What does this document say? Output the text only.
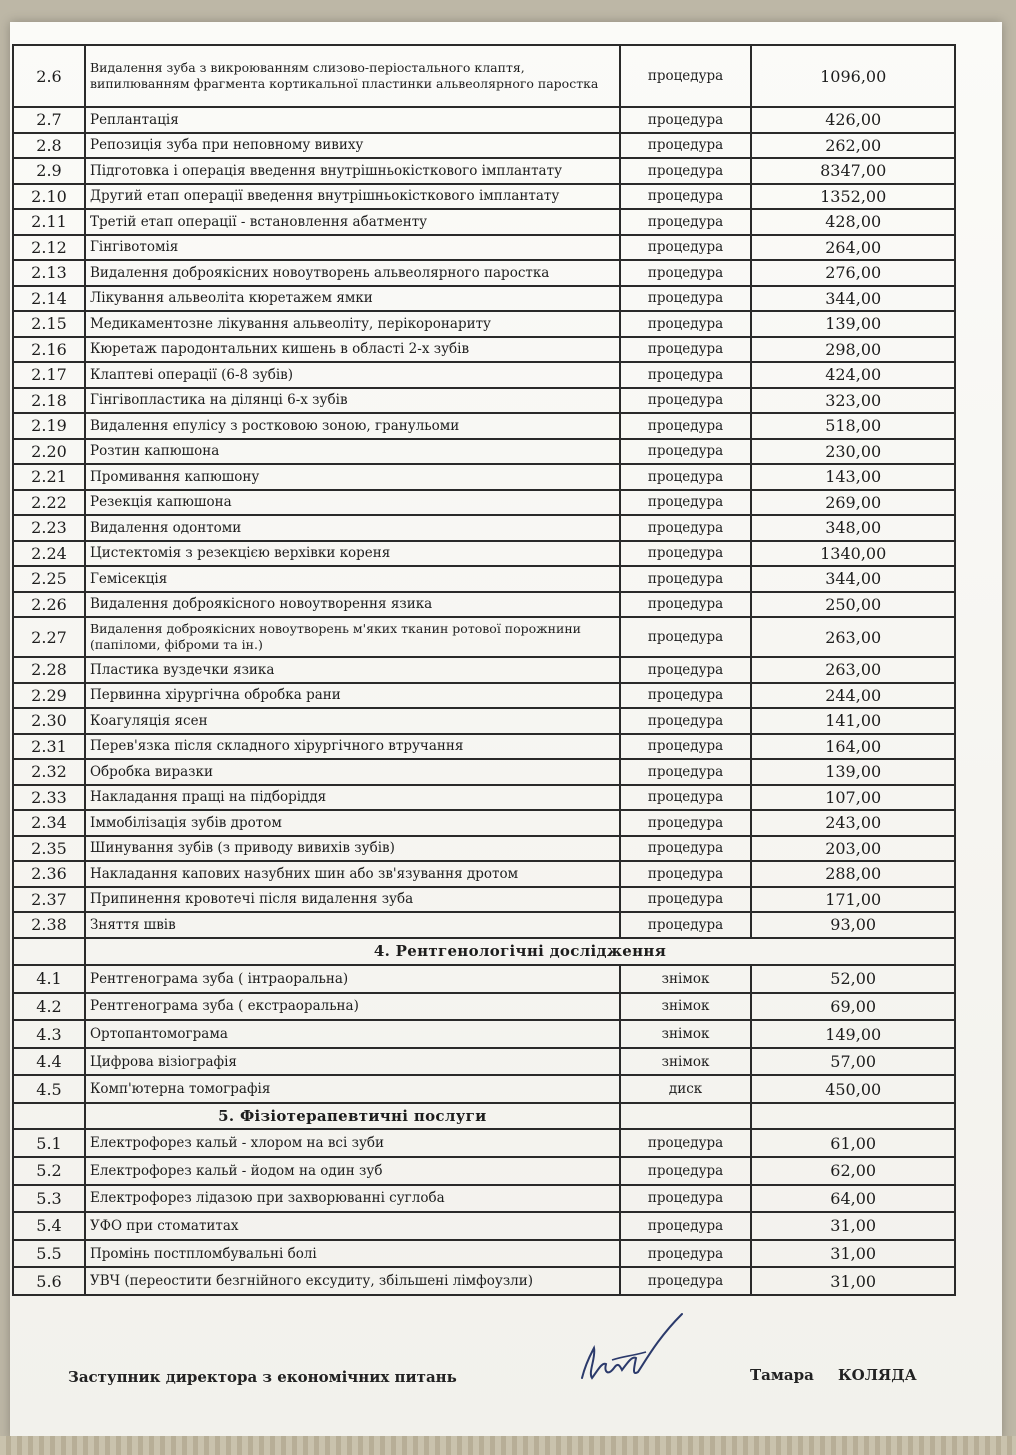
2.6	Видалення зуба з викроюванням слизово-періостального клаптя, випилюванням фрагмента кортикальної пластинки альвеолярного паростка	процедура	1096,00
2.7	Реплантація	процедура	426,00
2.8	Репозиція зуба при неповному вивиху	процедура	262,00
2.9	Підготовка і операція введення внутрішньокісткового імплантату	процедура	8347,00
2.10	Другий етап операції введення внутрішньокісткового імплантату	процедура	1352,00
2.11	Третій етап операції - встановлення абатменту	процедура	428,00
2.12	Гінгівотомія	процедура	264,00
2.13	Видалення доброякісних новоутворень альвеолярного паростка	процедура	276,00
2.14	Лікування альвеоліта кюретажем ямки	процедура	344,00
2.15	Медикаментозне лікування альвеоліту, перікоронариту	процедура	139,00
2.16	Кюретаж пародонтальних кишень в області 2-х зубів	процедура	298,00
2.17	Клаптеві операції (6-8 зубів)	процедура	424,00
2.18	Гінгівопластика на ділянці 6-х зубів	процедура	323,00
2.19	Видалення епулісу з ростковою зоною, гранульоми	процедура	518,00
2.20	Розтин капюшона	процедура	230,00
2.21	Промивання капюшону	процедура	143,00
2.22	Резекція капюшона	процедура	269,00
2.23	Видалення одонтоми	процедура	348,00
2.24	Цистектомія з резекцією верхівки кореня	процедура	1340,00
2.25	Гемісекція	процедура	344,00
2.26	Видалення доброякісного новоутворення язика	процедура	250,00
2.27	Видалення доброякісних новоутворень м'яких тканин ротової порожнини (папіломи, фіброми та ін.)	процедура	263,00
2.28	Пластика вуздечки язика	процедура	263,00
2.29	Первинна хірургічна обробка рани	процедура	244,00
2.30	Коагуляція ясен	процедура	141,00
2.31	Перев'язка після складного хірургічного втручання	процедура	164,00
2.32	Обробка виразки	процедура	139,00
2.33	Накладання пращі на підборіддя	процедура	107,00
2.34	Іммобілізація зубів дротом	процедура	243,00
2.35	Шинування зубів (з приводу вивихів зубів)	процедура	203,00
2.36	Накладання капових назубних шин або зв'язування дротом	процедура	288,00
2.37	Припинення кровотечі після видалення зуба	процедура	171,00
2.38	Зняття швів	процедура	93,00
	4. Рентгенологічні дослідження		
4.1	Рентгенограма зуба ( інтраоральна)	знімок	52,00
4.2	Рентгенограма зуба ( екстраоральна)	знімок	69,00
4.3	Ортопантомограма	знімок	149,00
4.4	Цифрова візіографія	знімок	57,00
4.5	Комп'ютерна томографія	диск	450,00
	5. Фізіотерапевтичні послуги		
5.1	Електрофорез кальй - хлором на всі зуби	процедура	61,00
5.2	Електрофорез кальй - йодом на один зуб	процедура	62,00
5.3	Електрофорез лідазою при захворюванні суглоба	процедура	64,00
5.4	УФО при стоматитах	процедура	31,00
5.5	Промінь постпломбувальні болі	процедура	31,00
5.6	УВЧ (переостити безгнійного ексудиту, збільшені лімфоузли)	процедура	31,00
Заступник директора з економічних питань	Тамара КОЛЯДА
